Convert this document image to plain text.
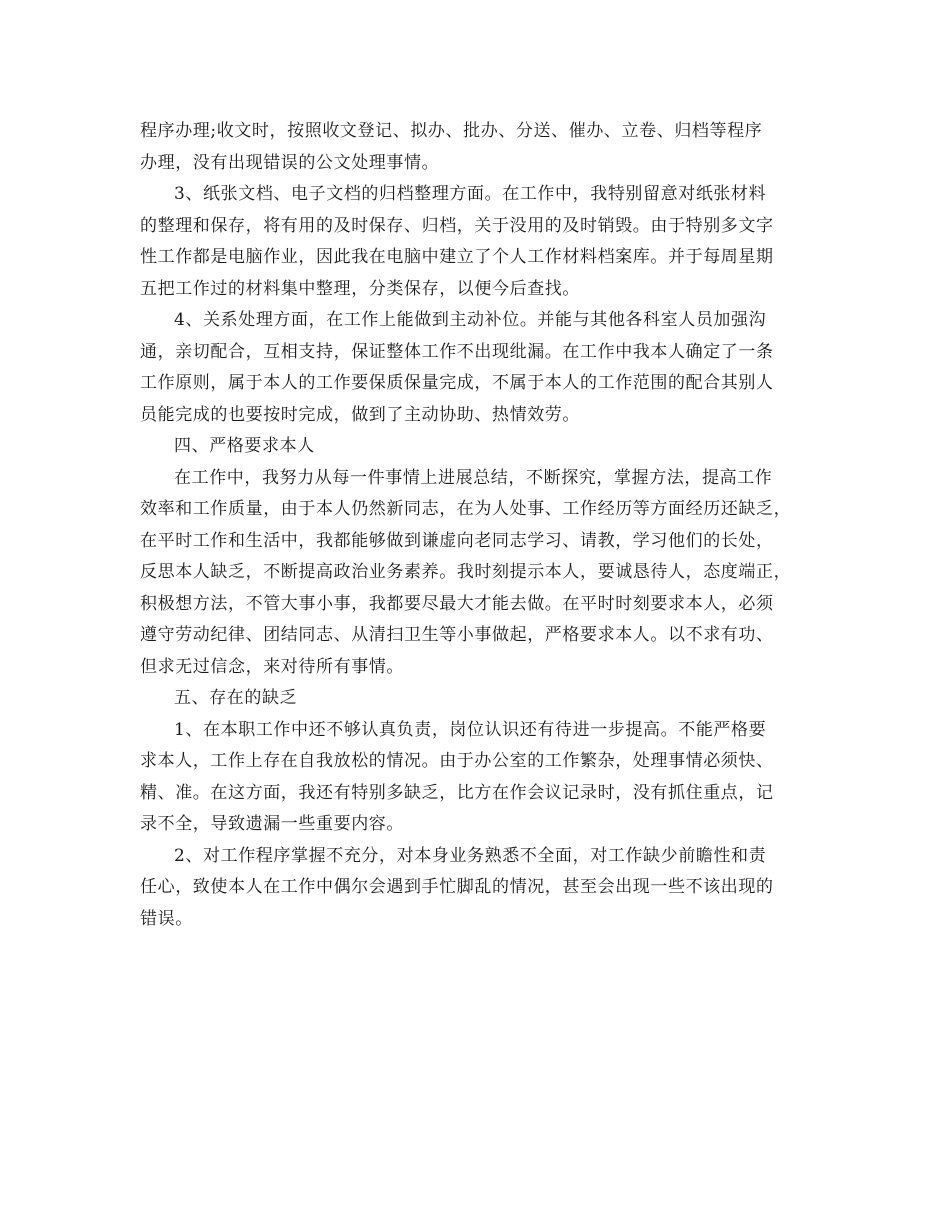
程序办理;收文时，按照收文登记、拟办、批办、分送、催办、立卷、归档等程序
办理，没有出现错误的公文处理事情。
3、纸张文档、电子文档的归档整理方面。在工作中，我特别留意对纸张材料
的整理和保存，将有用的及时保存、归档，关于没用的及时销毁。由于特别多文字
性工作都是电脑作业，因此我在电脑中建立了个人工作材料档案库。并于每周星期
五把工作过的材料集中整理，分类保存，以便今后查找。
4、关系处理方面，在工作上能做到主动补位。并能与其他各科室人员加强沟
通，亲切配合，互相支持，保证整体工作不出现纰漏。在工作中我本人确定了一条
工作原则，属于本人的工作要保质保量完成，不属于本人的工作范围的配合其别人
员能完成的也要按时完成，做到了主动协助、热情效劳。
四、严格要求本人
在工作中，我努力从每一件事情上进展总结，不断探究，掌握方法，提高工作
效率和工作质量，由于本人仍然新同志，在为人处事、工作经历等方面经历还缺乏，
在平时工作和生活中，我都能够做到谦虚向老同志学习、请教，学习他们的长处，
反思本人缺乏，不断提高政治业务素养。我时刻提示本人，要诚恳待人，态度端正，
积极想方法，不管大事小事，我都要尽最大才能去做。在平时时刻要求本人，必须
遵守劳动纪律、团结同志、从清扫卫生等小事做起，严格要求本人。以不求有功、
但求无过信念，来对待所有事情。
五、存在的缺乏
1、在本职工作中还不够认真负责，岗位认识还有待进一步提高。不能严格要
求本人，工作上存在自我放松的情况。由于办公室的工作繁杂，处理事情必须快、
精、准。在这方面，我还有特别多缺乏，比方在作会议记录时，没有抓住重点，记
录不全，导致遗漏一些重要内容。
2、对工作程序掌握不充分，对本身业务熟悉不全面，对工作缺少前瞻性和责
任心，致使本人在工作中偶尔会遇到手忙脚乱的情况，甚至会出现一些不该出现的
错误。
